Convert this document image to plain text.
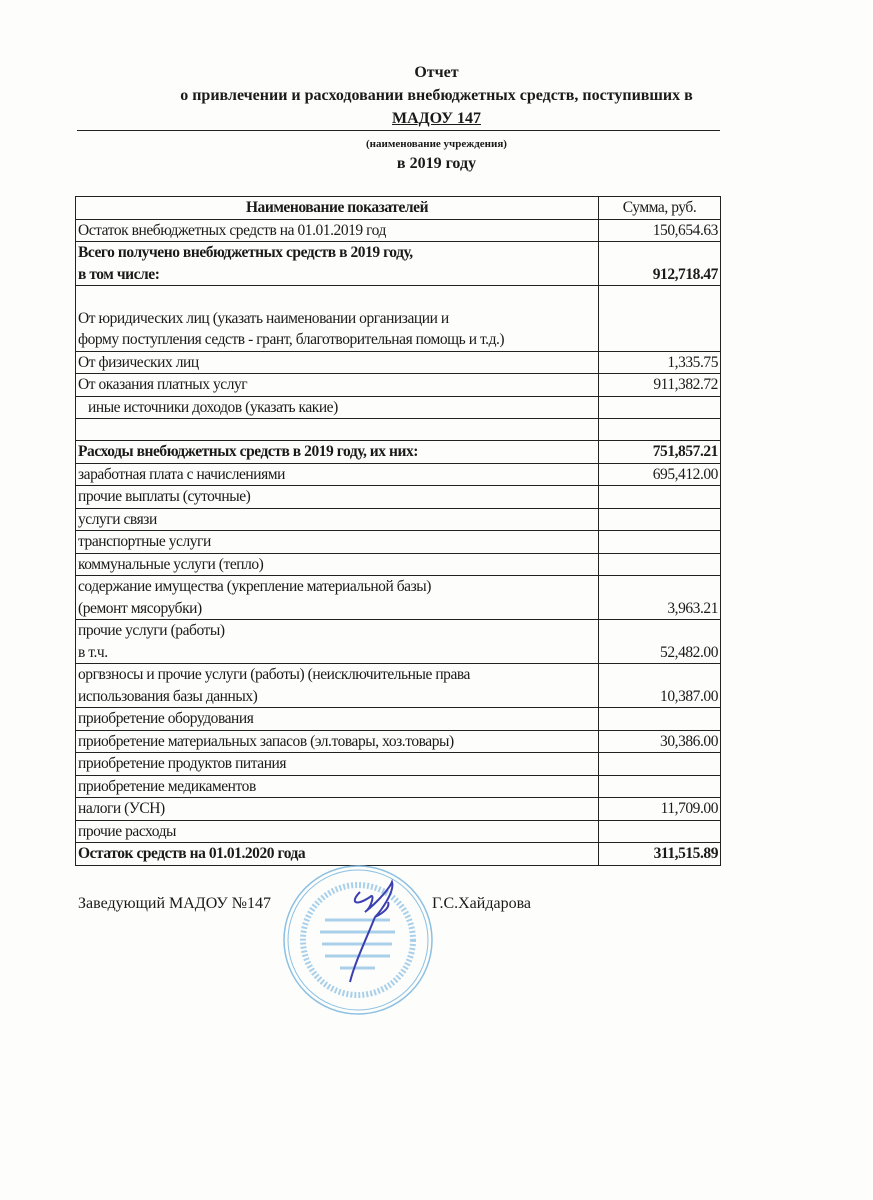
Отчет
о привлечении и расходовании внебюджетных средств, поступивших в
МАДОУ 147
(наименование учреждения)
в 2019 году
Наименование показателей	Сумма, руб.
Остаток внебюджетных средств на 01.01.2019 год	150,654.63

Всего получено внебюджетных средств в 2019 году,
в том числе:	912,718.47

От юридических лиц (указать наименовании организации и
форму поступления седств - грант, благотворительная помощь и т.д.)	

От физических лиц	1,335.75
От оказания платных услуг	911,382.72
иные источники доходов (указать какие)	

Расходы внебюджетных средств в 2019 году, их них:	751,857.21
заработная плата с начислениями	695,412.00
прочие выплаты (суточные)	
услуги связи	
транспортные услуги	
коммунальные услуги (тепло)	

содержание имущества (укрепление материальной базы)
(ремонт мясорубки)	3,963.21

прочие услуги (работы)
в т.ч.	52,482.00

оргвзносы и прочие услуги (работы) (неисключительные права
использования базы данных)	10,387.00
приобретение оборудования	
приобретение материальных запасов (эл.товары, хоз.товары)	30,386.00
приобретение продуктов питания	
приобретение медикаментов	
налоги (УСН)	11,709.00
прочие расходы	
Остаток средств на 01.01.2020 года	311,515.89
Заведующий МАДОУ №147	Г.С.Хайдарова
